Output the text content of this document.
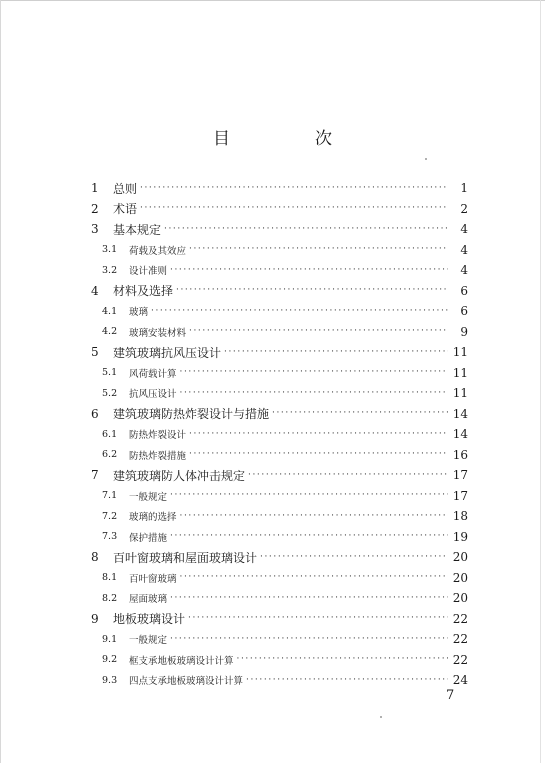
目　次
1	总则 ·····	1
2	术语 ·····	2
3	基本规定 ·····	4
3.1	荷载及其效应 ·····	4
3.2	设计准则 ·····	4
4	材料及选择 ·····	6
4.1	玻璃 ·····	6
4.2	玻璃安装材料 ·····	9
5	建筑玻璃抗风压设计 ·····	11
5.1	风荷载计算 ·····	11
5.2	抗风压设计 ·····	11
6	建筑玻璃防热炸裂设计与措施 ·····	14
6.1	防热炸裂设计 ·····	14
6.2	防热炸裂措施 ·····	16
7	建筑玻璃防人体冲击规定 ·····	17
7.1	一般规定 ·····	17
7.2	玻璃的选择 ·····	18
7.3	保护措施 ·····	19
8	百叶窗玻璃和屋面玻璃设计 ·····	20
8.1	百叶窗玻璃 ·····	20
8.2	屋面玻璃 ·····	20
9	地板玻璃设计 ·····	22
9.1	一般规定 ·····	22
9.2	框支承地板玻璃设计计算 ·····	22
9.3	四点支承地板玻璃设计计算 ·····	24
7
